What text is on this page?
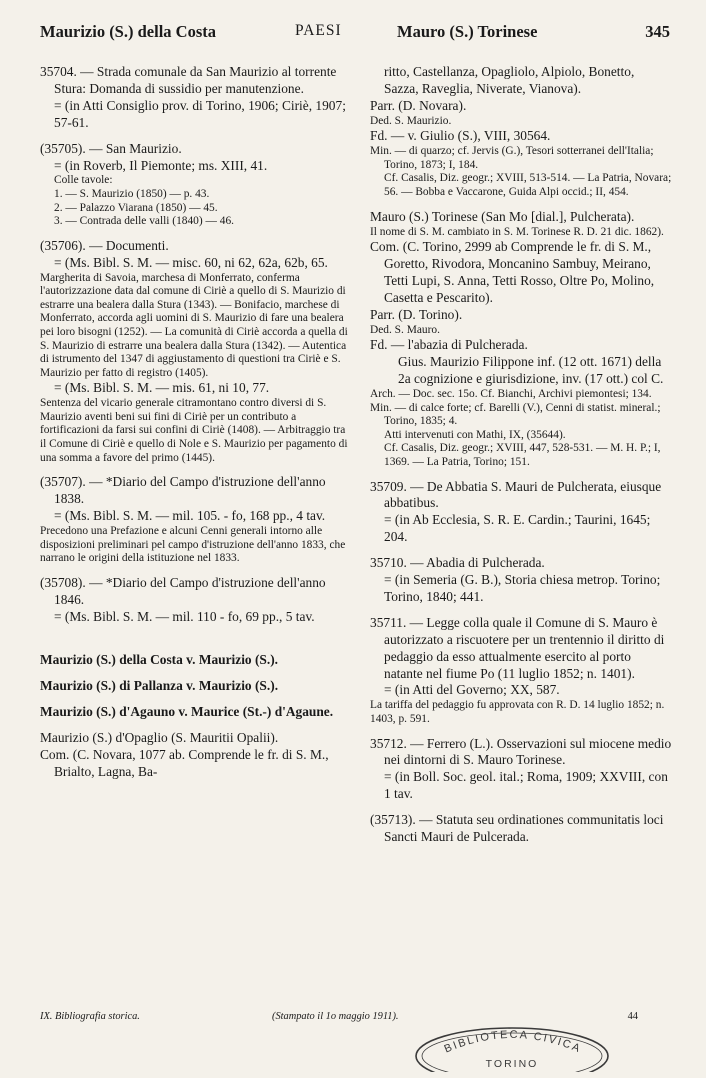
Maurizio (S.) della Costa	PAESI	Mauro (S.) Torinese	345

35704. — Strada comunale da San Maurizio al torrente Stura: Domanda di sussidio per manutenzione.

= (in Atti Consiglio prov. di Torino, 1906; Ciriè, 1907; 57-61.

(35705). — San Maurizio.

= (in Roverb, Il Piemonte; ms. XIII, 41.

Colle tavole:

1. — S. Maurizio (1850) — p. 43.

2. — Palazzo Viarana (1850) — 45.

3. — Contrada delle valli (1840) — 46.

(35706). — Documenti.

= (Ms. Bibl. S. M. — misc. 60, ni 62, 62a, 62b, 65.

Margherita di Savoia, marchesa di Monferrato, conferma l'autorizzazione data dal comune di Ciriè a quello di S. Maurizio di estrarre una bealera dalla Stura (1343). — Bonifacio, marchese di Monferrato, accorda agli uomini di S. Maurizio di fare una bealera pei loro bisogni (1252). — La comunità di Ciriè accorda a quella di S. Maurizio di estrarre una bealera dalla Stura (1342). — Autentica di istrumento del 1347 di aggiustamento di questioni tra Ciriè e S. Maurizio per fatto di registro (1405).

= (Ms. Bibl. S. M. — mis. 61, ni 10, 77.

Sentenza del vicario generale citramontano contro diversi di S. Maurizio aventi beni sui fini di Ciriè per un contributo a fortificazioni da farsi sui confini di Ciriè (1408). — Arbitraggio tra il Comune di Ciriè e quello di Nole e S. Maurizio per pagamento di una somma a favore del primo (1445).

(35707). — *Diario del Campo d'istruzione dell'anno 1838.

= (Ms. Bibl. S. M. — mil. 105. - fo, 168 pp., 4 tav.

Precedono una Prefazione e alcuni Cenni generali intorno alle disposizioni preliminari pel campo d'istruzione dell'anno 1833, che narrano le origini della istituzione nel 1833.

(35708). — *Diario del Campo d'istruzione dell'anno 1846.

= (Ms. Bibl. S. M. — mil. 110 - fo, 69 pp., 5 tav.

Maurizio (S.) della Costa v. Maurizio (S.).

Maurizio (S.) di Pallanza v. Maurizio (S.).

Maurizio (S.) d'Agauno v. Maurice (St.-) d'Agaune.

Maurizio (S.) d'Opaglio (S. Mauritii Opalii).

Com. (C. Novara, 1077 ab. Comprende le fr. di S. M., Brialto, Lagna, Ba-

ritto, Castellanza, Opagliolo, Alpiolo, Bonetto, Sazza, Raveglia, Niverate, Vianova).

Parr. (D. Novara).

Ded. S. Maurizio.

Fd. — v. Giulio (S.), VIII, 30564.

Min. — di quarzo; cf. Jervis (G.), Tesori sotterranei dell'Italia; Torino, 1873; I, 184.

Cf. Casalis, Diz. geogr.; XVIII, 513-514. — La Patria, Novara; 56. — Bobba e Vaccarone, Guida Alpi occid.; II, 454.

Mauro (S.) Torinese (San Mo [dial.], Pulcherata).

Il nome di S. M. cambiato in S. M. Torinese R. D. 21 dic. 1862).

Com. (C. Torino, 2999 ab Comprende le fr. di S. M., Goretto, Rivodora, Moncanino Sambuy, Meirano, Tetti Lupi, S. Anna, Tetti Rosso, Oltre Po, Molino, Casetta e Pescarito).

Parr. (D. Torino).

Ded. S. Mauro.

Fd. — l'abazia di Pulcherada.

Gius. Maurizio Filippone inf. (12 ott. 1671) della 2a cognizione e giurisdizione, inv. (17 ott.) col C.

Arch. — Doc. sec. 15o. Cf. Bianchi, Archivi piemontesi; 134.

Min. — di calce forte; cf. Barelli (V.), Cenni di statist. mineral.; Torino, 1835; 4.

Atti intervenuti con Mathi, IX, (35644).

Cf. Casalis, Diz. geogr.; XVIII, 447, 528-531. — M. H. P.; I, 1369. — La Patria, Torino; 151.

35709. — De Abbatia S. Mauri de Pulcherata, eiusque abbatibus.

= (in Ab Ecclesia, S. R. E. Cardin.; Taurini, 1645; 204.

35710. — Abadia di Pulcherada.

= (in Semeria (G. B.), Storia chiesa metrop. Torino; Torino, 1840; 441.

35711. — Legge colla quale il Comune di S. Mauro è autorizzato a riscuotere per un trentennio il diritto di pedaggio da esso attualmente esercito al porto natante nel fiume Po (11 luglio 1852; n. 1401).

= (in Atti del Governo; XX, 587.

La tariffa del pedaggio fu approvata con R. D. 14 luglio 1852; n. 1403, p. 591.

35712. — Ferrero (L.). Osservazioni sul miocene medio nei dintorni di S. Mauro Torinese.

= (in Boll. Soc. geol. ital.; Roma, 1909; XXVIII, con 1 tav.

(35713). — Statuta seu ordinationes communitatis loci Sancti Mauri de Pulcerada.

IX. Bibliografia storica.	(Stampato il 1o maggio 1911).	44
BIBLIOTECA CIVICA
TORINO
